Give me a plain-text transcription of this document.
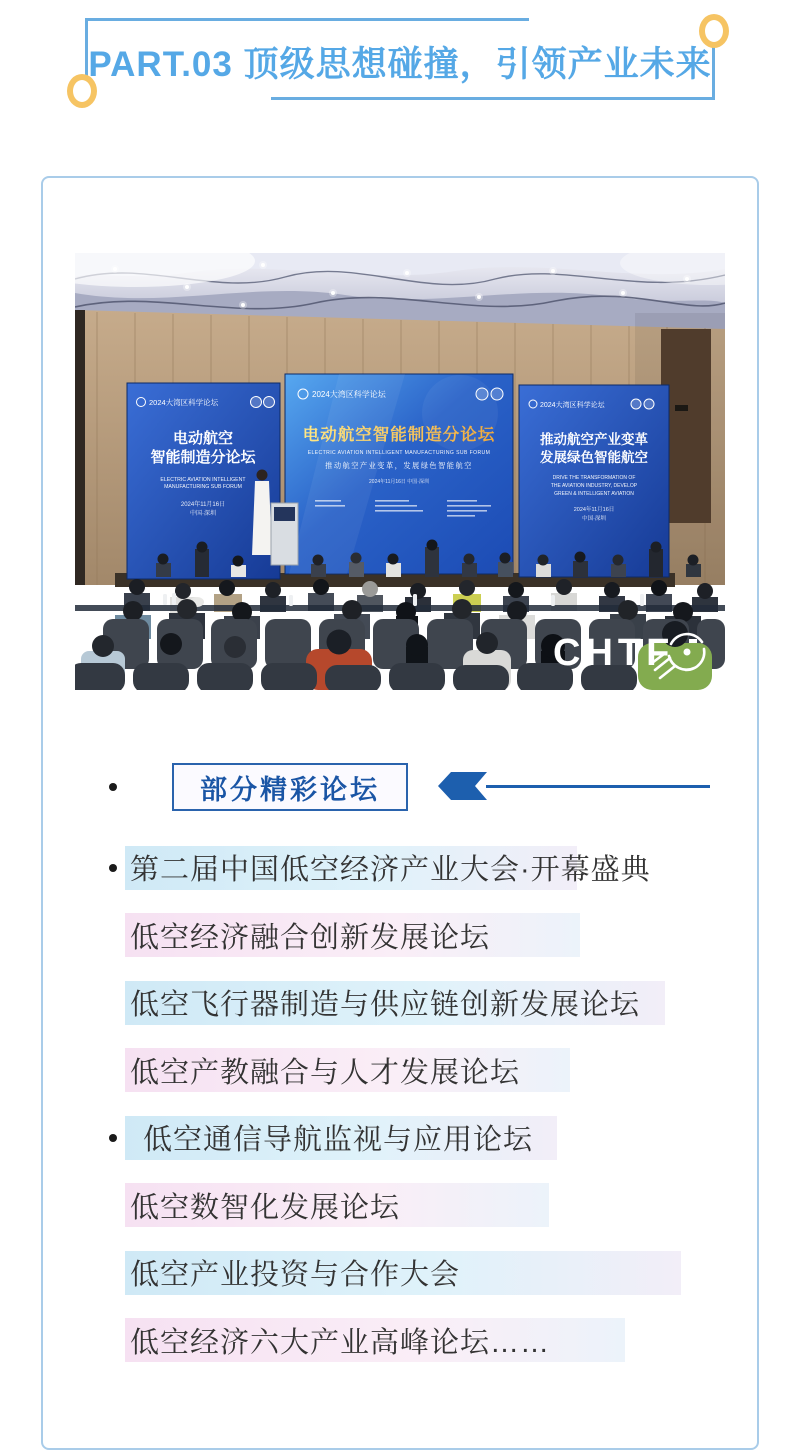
PART.03 顶级思想碰撞，引领产业未来
2024大湾区科学论坛
电动航空
智能制造分论坛
ELECTRIC AVIATION INTELLIGENT
MANUFACTURING SUB FORUM
2024年11月16日
中国·深圳
2024大湾区科学论坛
电动航空智能制造分论坛
ELECTRIC AVIATION INTELLIGENT MANUFACTURING SUB FORUM
推动航空产业变革，发展绿色智能航空
2024年11月16日 中国·深圳
2024大湾区科学论坛
推动航空产业变革
发展绿色智能航空
DRIVE THE TRANSFORMATION OF
THE AVIATION INDUSTRY, DEVELOP
GREEN & INTELLIGENT AVIATION
2024年11月16日
中国·深圳
CHTF
部分精彩论坛
第二届中国低空经济产业大会·开幕盛典
低空经济融合创新发展论坛
低空飞行器制造与供应链创新发展论坛
低空产教融合与人才发展论坛
低空通信导航监视与应用论坛
低空数智化发展论坛
低空产业投资与合作大会
低空经济六大产业高峰论坛……
